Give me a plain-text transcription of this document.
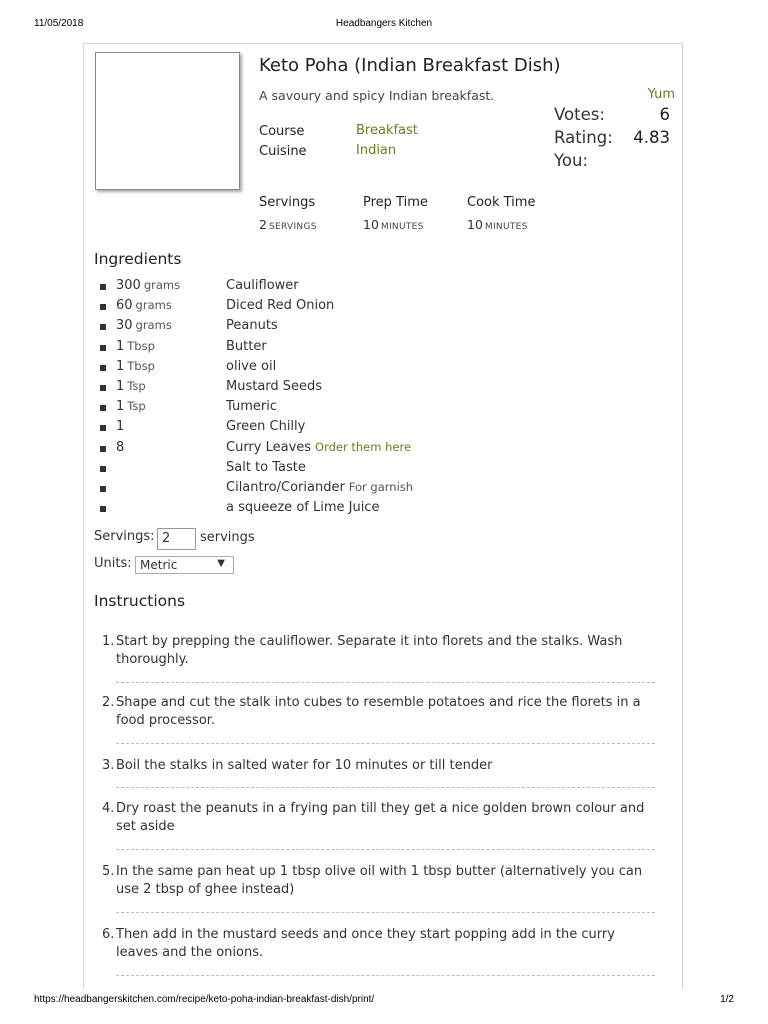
11/05/2018	Headbangers Kitchen
Keto Poha (Indian Breakfast Dish)
A savoury and spicy Indian breakfast.
Course	Breakfast
Cuisine	Indian
Yum
Votes:	6
Rating: 4.83
You:
Servings
2 SERVINGS
Prep Time
10 MINUTES
Cook Time
10 MINUTES
Ingredients
300 grams	Cauliflower
60 grams	Diced Red Onion
30 grams	Peanuts
1 Tbsp	Butter
1 Tbsp	olive oil
1 Tsp	Mustard Seeds
1 Tsp	Tumeric
1	Green Chilly
8	Curry Leaves Order them here
Salt to Taste
Cilantro/Coriander For garnish
a squeeze of Lime Juice
Servings: 2	servings
Units: Metric	▼
Instructions
1. Start by prepping the cauliflower. Separate it into florets and the stalks. Wash thoroughly.
2. Shape and cut the stalk into cubes to resemble potatoes and rice the florets in a food processor.
3. Boil the stalks in salted water for 10 minutes or till tender
4. Dry roast the peanuts in a frying pan till they get a nice golden brown colour and set aside
5. In the same pan heat up 1 tbsp olive oil with 1 tbsp butter (alternatively you can use 2 tbsp of ghee instead)
6. Then add in the mustard seeds and once they start popping add in the curry leaves and the onions.
https://headbangerskitchen.com/recipe/keto-poha-indian-breakfast-dish/print/	1/2
